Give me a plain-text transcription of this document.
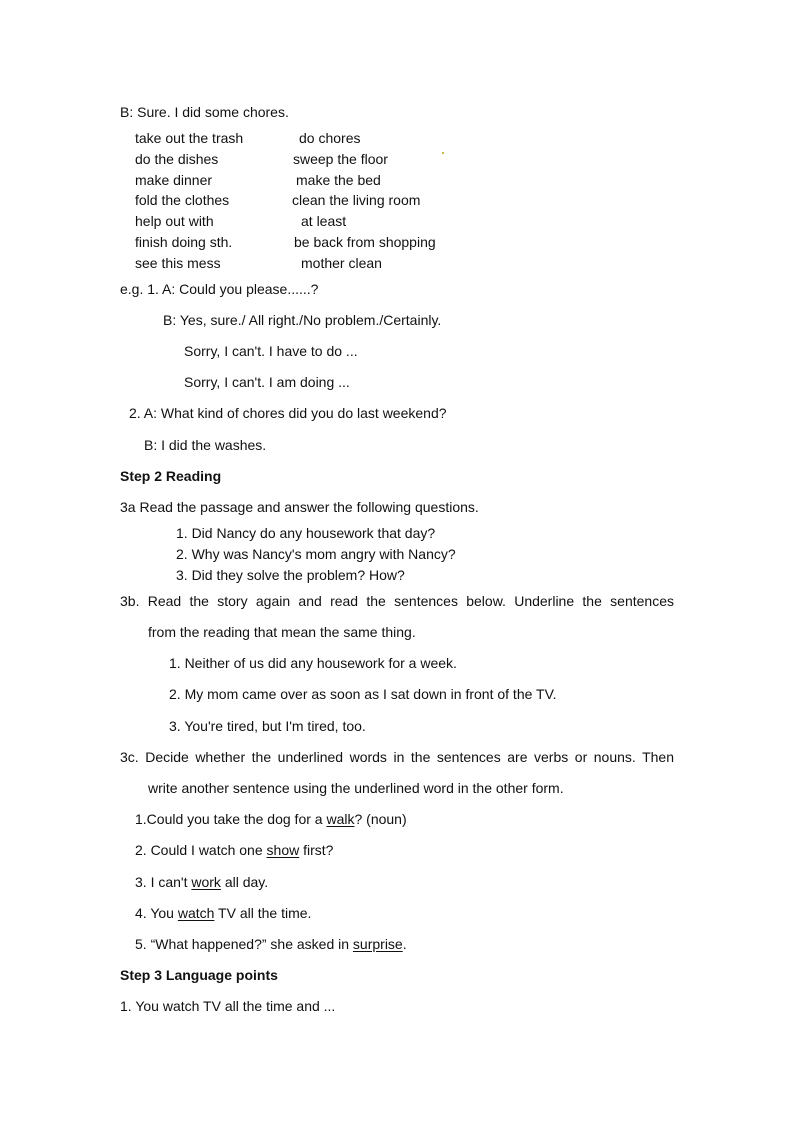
B: Sure. I did some chores.
take out the trash	do chores
do the dishes	sweep the floor
make dinner	make the bed
fold the clothes	clean the living room
help out with	at least
finish doing sth.	be back from shopping
see this mess	mother clean
e.g. 1. A: Could you please......?
B: Yes, sure./ All right./No problem./Certainly.
Sorry, I can't. I have to do ...
Sorry, I can't. I am doing ...
2. A: What kind of chores did you do last weekend?
B: I did the washes.
Step 2 Reading
3a Read the passage and answer the following questions.
1. Did Nancy do any housework that day?
2. Why was Nancy's mom angry with Nancy?
3. Did they solve the problem? How?
3b. Read the story again and read the sentences below. Underline the sentences
from the reading that mean the same thing.
1. Neither of us did any housework for a week.
2. My mom came over as soon as I sat down in front of the TV.
3. You're tired, but I'm tired, too.
3c. Decide whether the underlined words in the sentences are verbs or nouns. Then
write another sentence using the underlined word in the other form.
1.Could you take the dog for a walk? (noun)
2. Could I watch one show first?
3. I can't work all day.
4. You watch TV all the time.
5. “What happened?” she asked in surprise.
Step 3 Language points
1. You watch TV all the time and ...
